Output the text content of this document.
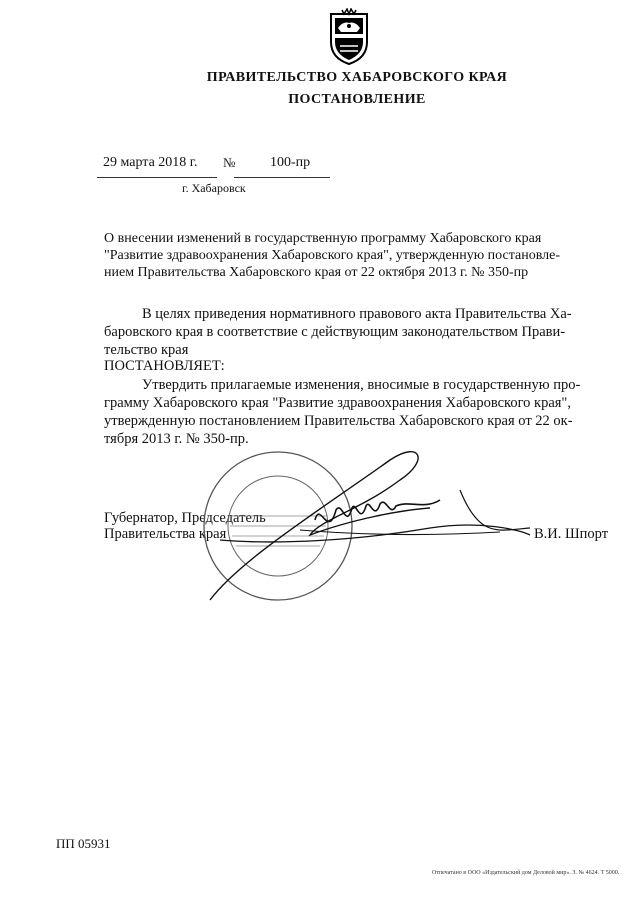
ПРАВИТЕЛЬСТВО ХАБАРОВСКОГО КРАЯ
ПОСТАНОВЛЕНИЕ
29 марта 2018 г. № 100-пр
г. Хабаровск
О внесении изменений в государственную программу Хабаровского края
"Развитие здравоохранения Хабаровского края", утвержденную постановле-
нием Правительства Хабаровского края от 22 октября 2013 г. № 350-пр
В целях приведения нормативного правового акта Правительства Ха-
баровского края в соответствие с действующим законодательством Прави-
тельство края
ПОСТАНОВЛЯЕТ:
Утвердить прилагаемые изменения, вносимые в государственную про-
грамму Хабаровского края "Развитие здравоохранения Хабаровского края",
утвержденную постановлением Правительства Хабаровского края от 22 ок-
тября 2013 г. № 350-пр.
Губернатор, Председатель
Правительства края	В.И. Шпорт
ПП 05931
Отпечатано в ООО «Издательский дом Деловой мир». З. № 4624. Т 5000.
